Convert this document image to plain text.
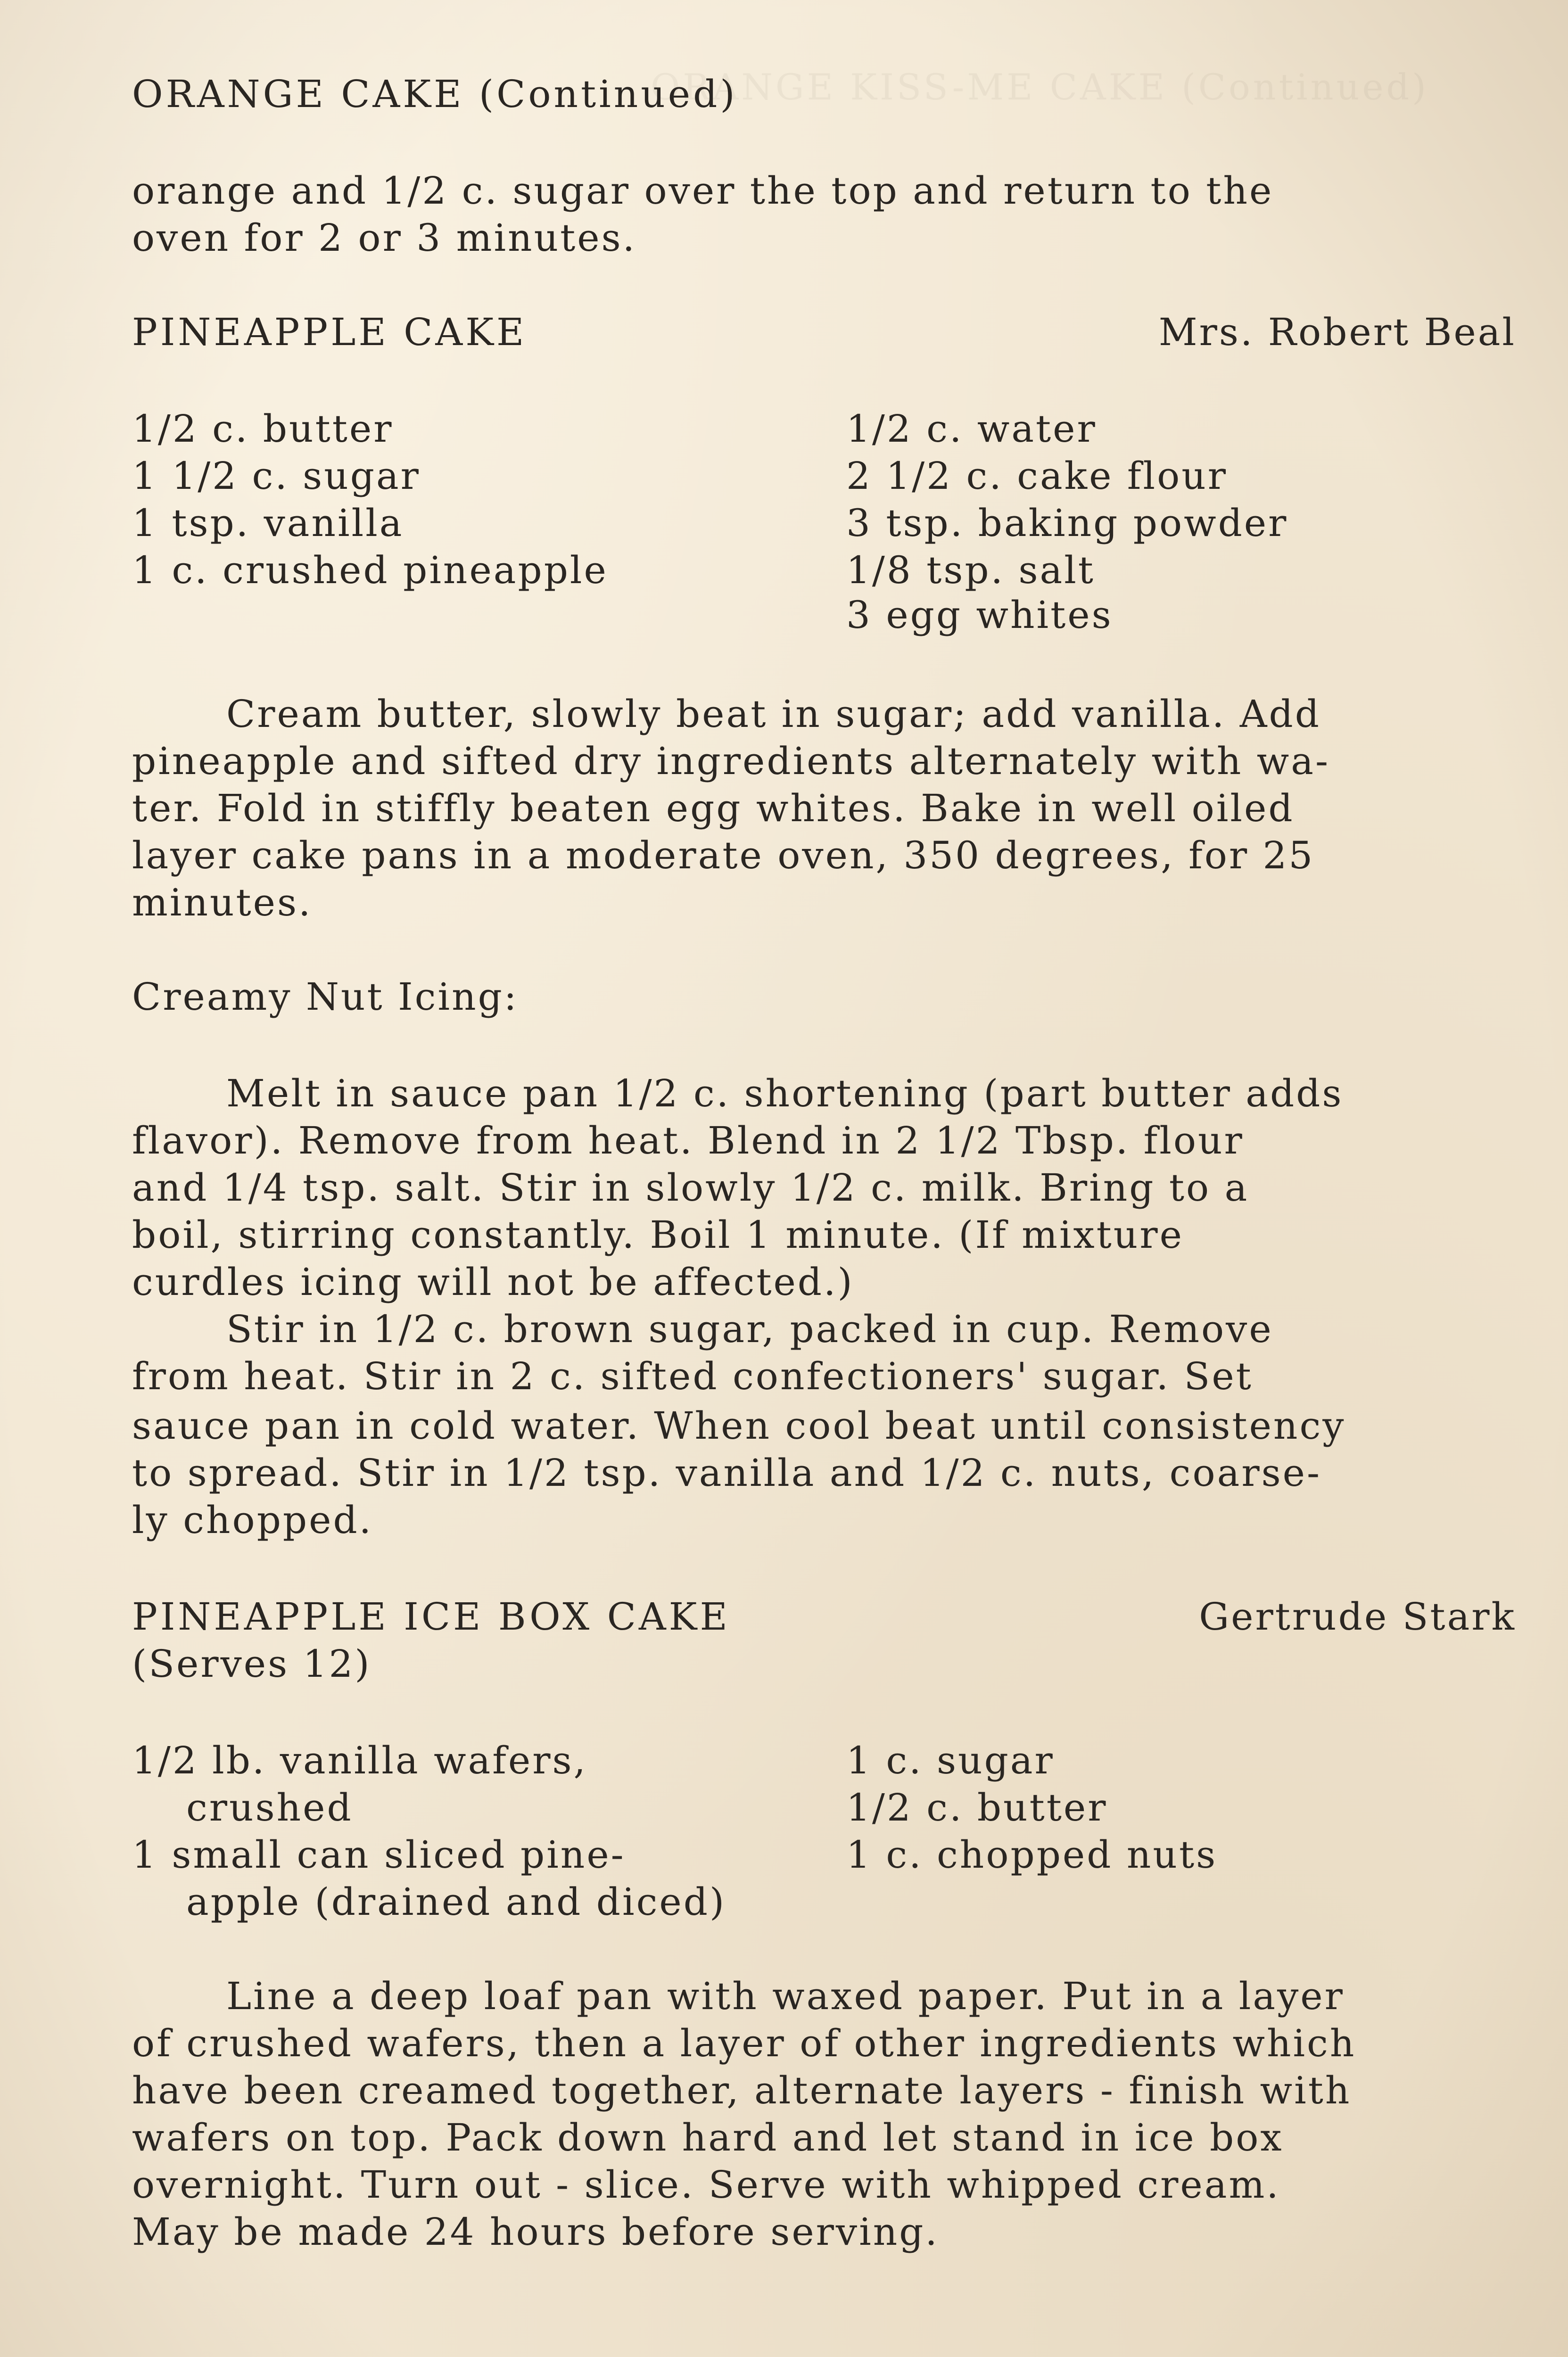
ORANGE KISS-ME CAKE (Continued)
ORANGE CAKE (Continued)
orange and 1/2 c. sugar over the top and return to the
oven for 2 or 3 minutes.
PINEAPPLE CAKE	Mrs. Robert Beal
1/2 c. butter
1 1/2 c. sugar
1 tsp. vanilla
1 c. crushed pineapple
1/2 c. water
2 1/2 c. cake flour
3 tsp. baking powder
1/8 tsp. salt
3 egg whites
Cream butter, slowly beat in sugar; add vanilla. Add
pineapple and sifted dry ingredients alternately with wa-
ter. Fold in stiffly beaten egg whites. Bake in well oiled
layer cake pans in a moderate oven, 350 degrees, for 25
minutes.
Creamy Nut Icing:
Melt in sauce pan 1/2 c. shortening (part butter adds
flavor). Remove from heat. Blend in 2 1/2 Tbsp. flour
and 1/4 tsp. salt. Stir in slowly 1/2 c. milk. Bring to a
boil, stirring constantly. Boil 1 minute. (If mixture
curdles icing will not be affected.)
Stir in 1/2 c. brown sugar, packed in cup. Remove
from heat. Stir in 2 c. sifted confectioners' sugar. Set
sauce pan in cold water. When cool beat until consistency
to spread. Stir in 1/2 tsp. vanilla and 1/2 c. nuts, coarse-
ly chopped.
PINEAPPLE ICE BOX CAKE	Gertrude Stark
(Serves 12)
1/2 lb. vanilla wafers,
crushed
1 small can sliced pine-
apple (drained and diced)
1 c. sugar
1/2 c. butter
1 c. chopped nuts
Line a deep loaf pan with waxed paper. Put in a layer
of crushed wafers, then a layer of other ingredients which
have been creamed together, alternate layers - finish with
wafers on top. Pack down hard and let stand in ice box
overnight. Turn out - slice. Serve with whipped cream.
May be made 24 hours before serving.
